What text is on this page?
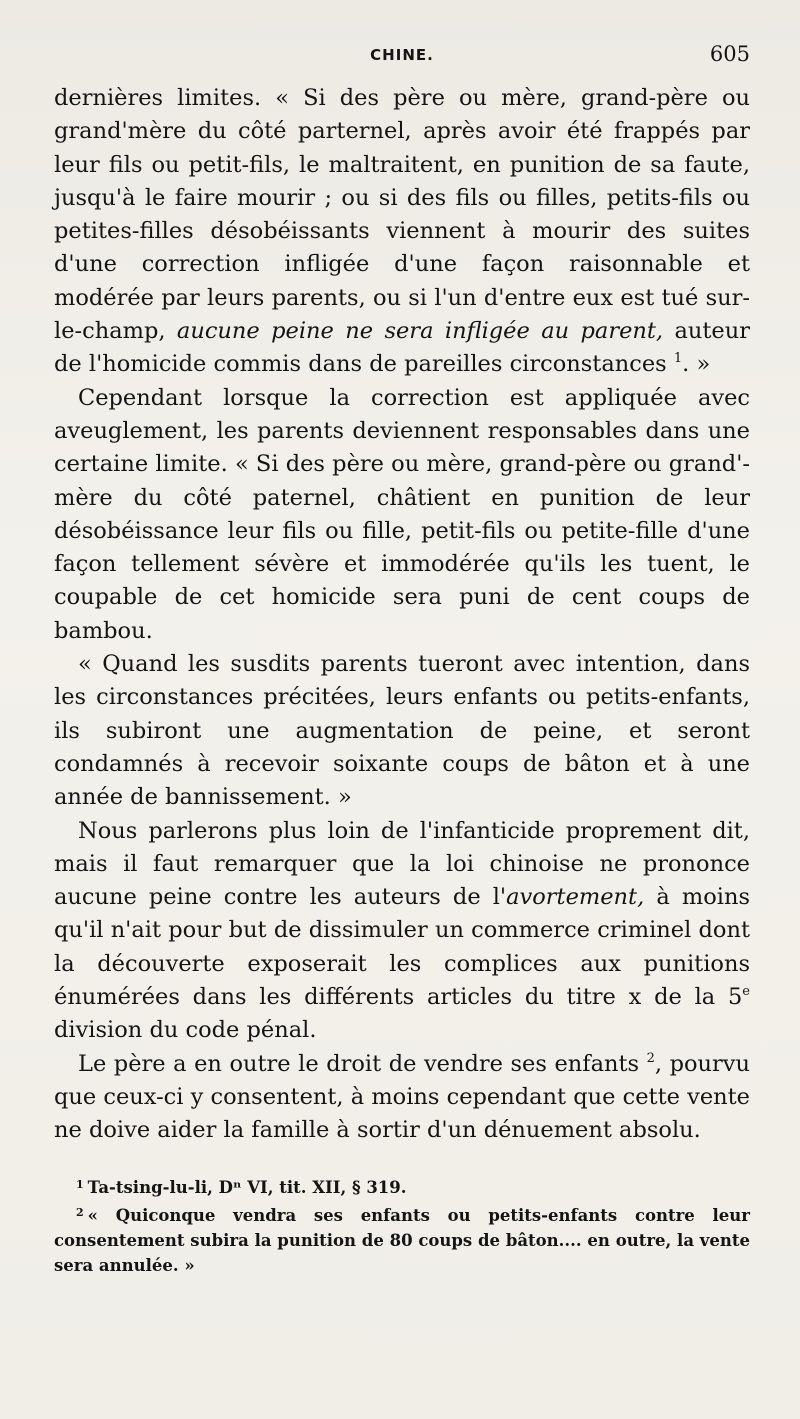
CHINE.	605

dernières limites. « Si des père ou mère, grand-père ou grand'mère du côté parternel, après avoir été frappés par leur fils ou petit-fils, le maltraitent, en punition de sa faute, jusqu'à le faire mourir ; ou si des fils ou filles, petits-fils ou petites-filles désobéissants viennent à mourir des suites d'une correction infligée d'une façon raisonnable et modérée par leurs parents, ou si l'un d'entre eux est tué sur-le-champ, aucune peine ne sera infligée au parent, auteur de l'homicide commis dans de pareilles circonstances $^1$. »

Cependant lorsque la correction est appliquée avec aveuglement, les parents deviennent responsables dans une certaine limite. « Si des père ou mère, grand-père ou grand'-mère du côté paternel, châtient en punition de leur désobéissance leur fils ou fille, petit-fils ou petite-fille d'une façon tellement sévère et immodérée qu'ils les tuent, le coupable de cet homicide sera puni de cent coups de bambou.

« Quand les susdits parents tueront avec intention, dans les circonstances précitées, leurs enfants ou petits-enfants, ils subiront une augmentation de peine, et seront condamnés à recevoir soixante coups de bâton et à une année de bannissement. »

Nous parlerons plus loin de l'infanticide proprement dit, mais il faut remarquer que la loi chinoise ne prononce aucune peine contre les auteurs de l'avortement, à moins qu'il n'ait pour but de dissimuler un commerce criminel dont la découverte exposerait les complices aux punitions énumérées dans les différents articles du titre x de la 5e division du code pénal.

Le père a en outre le droit de vendre ses enfants $^2$, pourvu que ceux-ci y consentent, à moins cependant que cette vente ne doive aider la famille à sortir d'un dénuement absolu.

$^1$ Ta-tsing-lu-li, Dⁿ VI, tit. XII, § 319.

$^2$ « Quiconque vendra ses enfants ou petits-enfants contre leur consentement subira la punition de 80 coups de bâton.... en outre, la vente sera annulée. »
